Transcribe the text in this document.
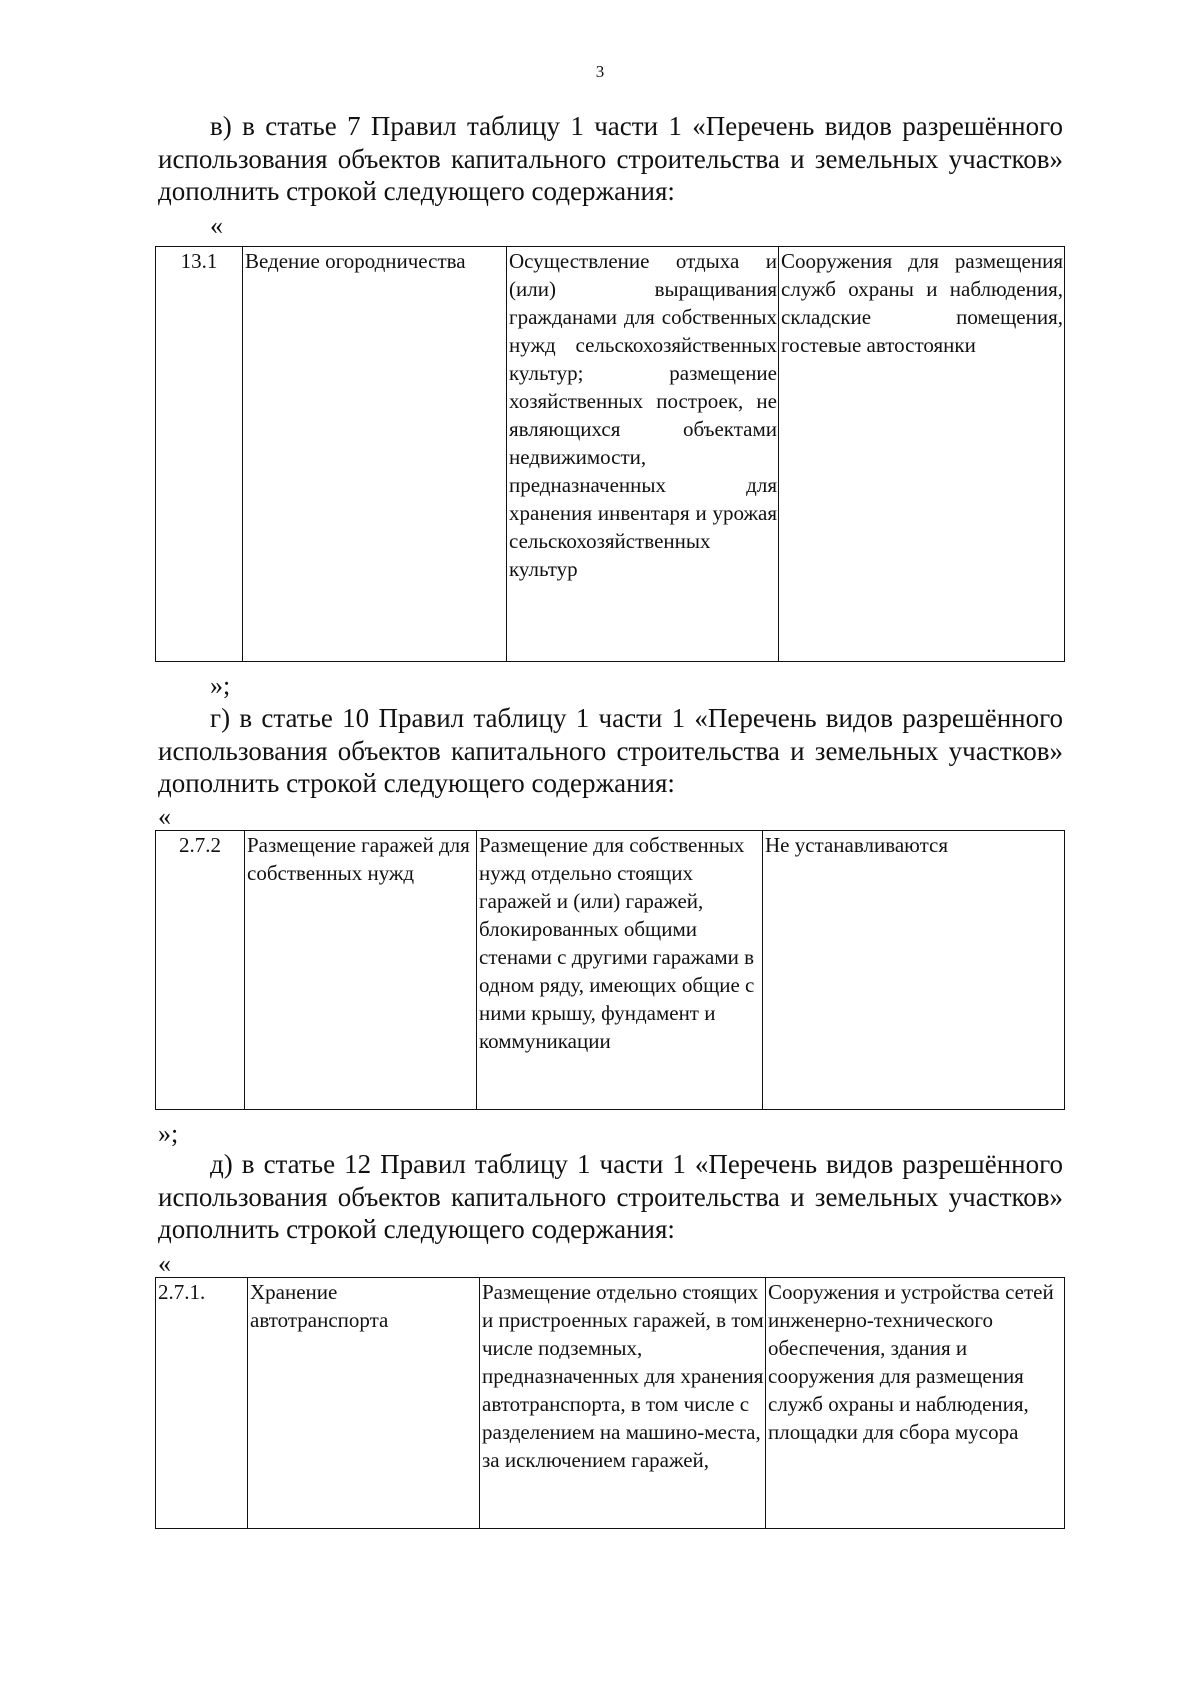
3
в) в статье 7 Правил таблицу 1 части 1 «Перечень видов разрешённого использования объектов капитального строительства и земельных участков» дополнить строкой следующего содержания:
«
13.1	Ведение огородничества	Осуществление отдыха и (или) выращивания гражданами для собственных нужд сельскохозяйственных культур; размещение хозяйственных построек, не являющихся объектами недвижимости, предназначенных для хранения инвентаря и урожая сельскохозяйственных культур	Сооружения для размещения служб охраны и наблюдения, складские помещения, гостевые автостоянки
»;
г) в статье 10 Правил таблицу 1 части 1 «Перечень видов разрешённого использования объектов капитального строительства и земельных участков» дополнить строкой следующего содержания:
«
2.7.2	Размещение гаражей для собственных нужд	Размещение для собственных нужд отдельно стоящих гаражей и (или) гаражей, блокированных общими стенами с другими гаражами в одном ряду, имеющих общие с ними крышу, фундамент и коммуникации	Не устанавливаются
»;
д) в статье 12 Правил таблицу 1 части 1 «Перечень видов разрешённого использования объектов капитального строительства и земельных участков» дополнить строкой следующего содержания:
«
2.7.1.	Хранение автотранспорта	Размещение отдельно стоящих и пристроенных гаражей, в том числе подземных, предназначенных для хранения автотранспорта, в том числе с разделением на машино-места, за исключением гаражей,	Сооружения и устройства сетей инженерно-технического обеспечения, здания и сооружения для размещения служб охраны и наблюдения, площадки для сбора мусора
